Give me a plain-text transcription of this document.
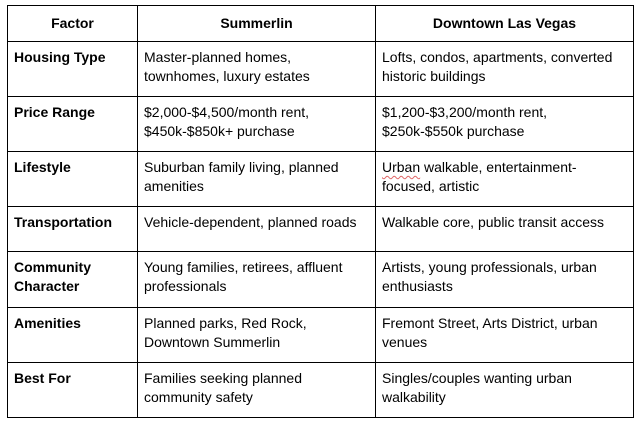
Factor	Summerlin	Downtown Las Vegas
Housing Type	Master-planned homes, townhomes, luxury estates	Lofts, condos, apartments, converted historic buildings
Price Range	$2,000-$4,500/month rent, $450k-$850k+ purchase	$1,200-$3,200/month rent, $250k-$550k purchase
Lifestyle	Suburban family living, planned amenities	Urban walkable, entertainment-focused, artistic
Transportation	Vehicle-dependent, planned roads	Walkable core, public transit access
Community Character	Young families, retirees, affluent professionals	Artists, young professionals, urban enthusiasts
Amenities	Planned parks, Red Rock, Downtown Summerlin	Fremont Street, Arts District, urban venues
Best For	Families seeking planned community safety	Singles/couples wanting urban walkability
